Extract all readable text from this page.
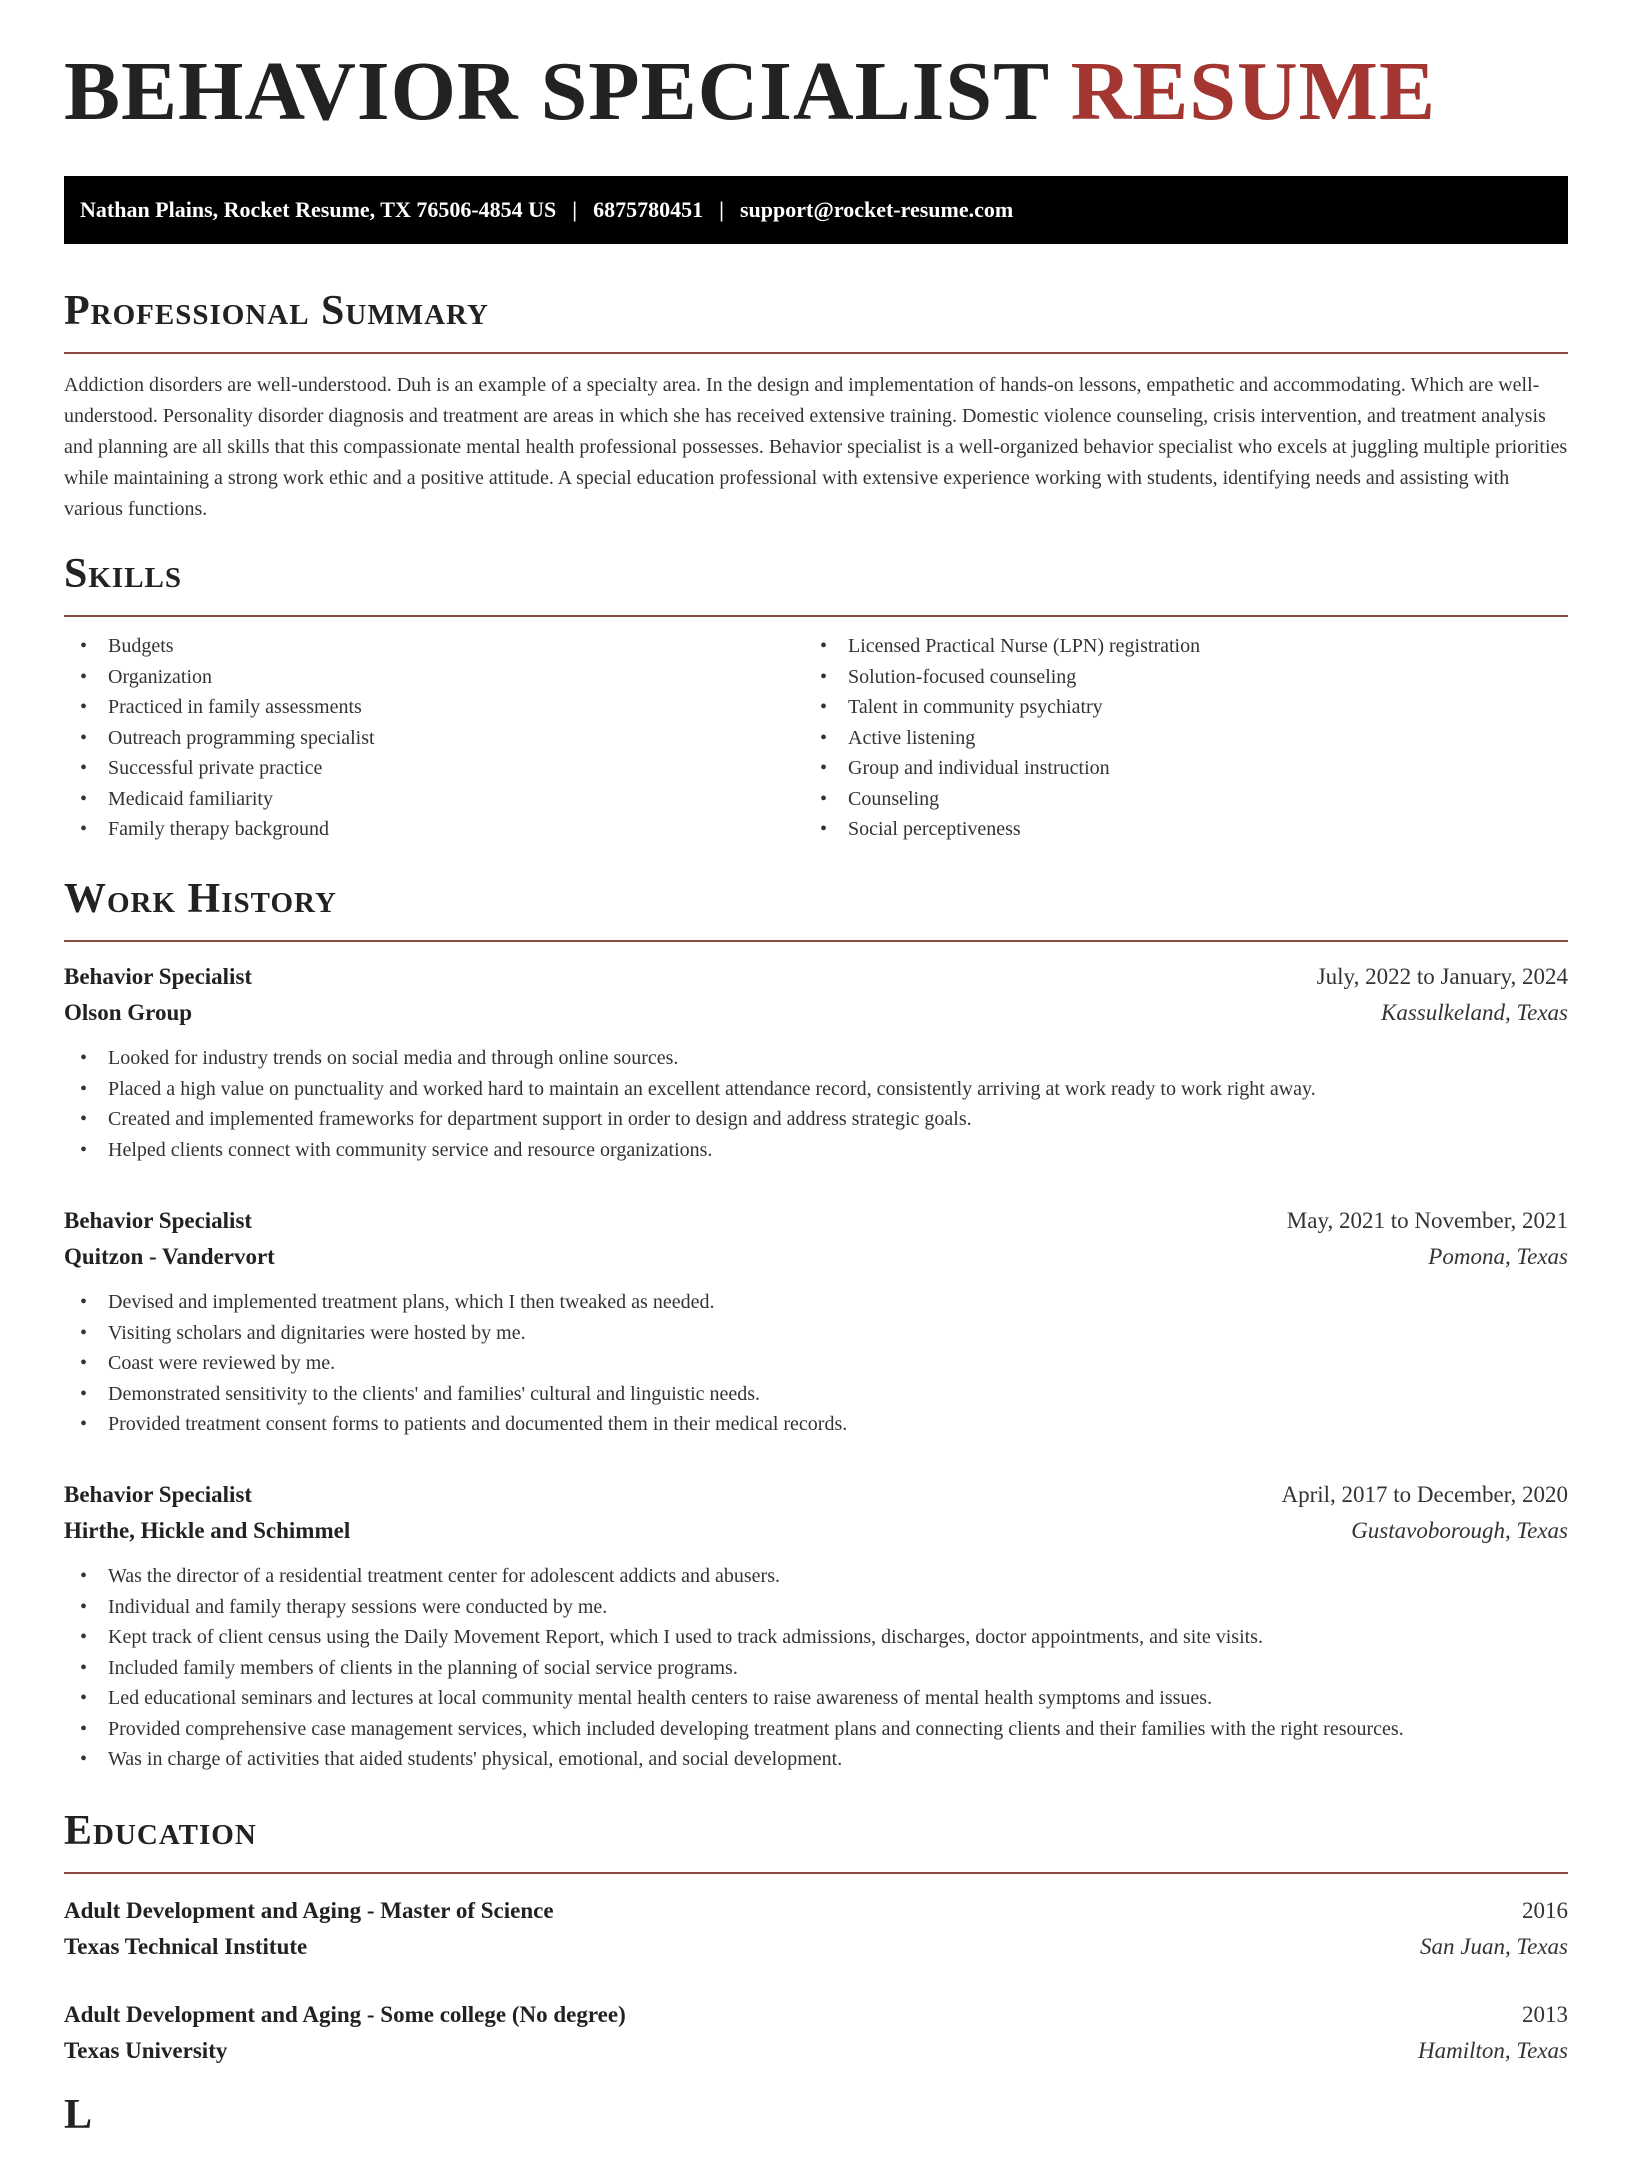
BEHAVIOR SPECIALIST RESUME
Nathan Plains, Rocket Resume, TX 76506-4854 US | 6875780451 | support@rocket-resume.com
Professional Summary

Addiction disorders are well-understood. Duh is an example of a specialty area. In the design and implementation of hands-on lessons, empathetic and accommodating. Which are well-understood. Personality disorder diagnosis and treatment are areas in which she has received extensive training. Domestic violence counseling, crisis intervention, and treatment analysis and planning are all skills that this compassionate mental health professional possesses. Behavior specialist is a well-organized behavior specialist who excels at juggling multiple priorities while maintaining a strong work ethic and a positive attitude. A special education professional with extensive experience working with students, identifying needs and assisting with various functions.

Skills
• Budgets
• Organization
• Practiced in family assessments
• Outreach programming specialist
• Successful private practice
• Medicaid familiarity
• Family therapy background
• Licensed Practical Nurse (LPN) registration
• Solution-focused counseling
• Talent in community psychiatry
• Active listening
• Group and individual instruction
• Counseling
• Social perceptiveness
Work History
Behavior Specialist	July, 2022 to January, 2024
Olson Group	Kassulkeland, Texas
• Looked for industry trends on social media and through online sources.
• Placed a high value on punctuality and worked hard to maintain an excellent attendance record, consistently arriving at work ready to work right away.
• Created and implemented frameworks for department support in order to design and address strategic goals.
• Helped clients connect with community service and resource organizations.
Behavior Specialist	May, 2021 to November, 2021
Quitzon - Vandervort	Pomona, Texas
• Devised and implemented treatment plans, which I then tweaked as needed.
• Visiting scholars and dignitaries were hosted by me.
• Coast were reviewed by me.
• Demonstrated sensitivity to the clients' and families' cultural and linguistic needs.
• Provided treatment consent forms to patients and documented them in their medical records.
Behavior Specialist	April, 2017 to December, 2020
Hirthe, Hickle and Schimmel	Gustavoborough, Texas
• Was the director of a residential treatment center for adolescent addicts and abusers.
• Individual and family therapy sessions were conducted by me.
• Kept track of client census using the Daily Movement Report, which I used to track admissions, discharges, doctor appointments, and site visits.
• Included family members of clients in the planning of social service programs.
• Led educational seminars and lectures at local community mental health centers to raise awareness of mental health symptoms and issues.
• Provided comprehensive case management services, which included developing treatment plans and connecting clients and their families with the right resources.
• Was in charge of activities that aided students' physical, emotional, and social development.
Education
Adult Development and Aging - Master of Science	2016
Texas Technical Institute	San Juan, Texas
Adult Development and Aging - Some college (No degree)	2013
Texas University	Hamilton, Texas
L
